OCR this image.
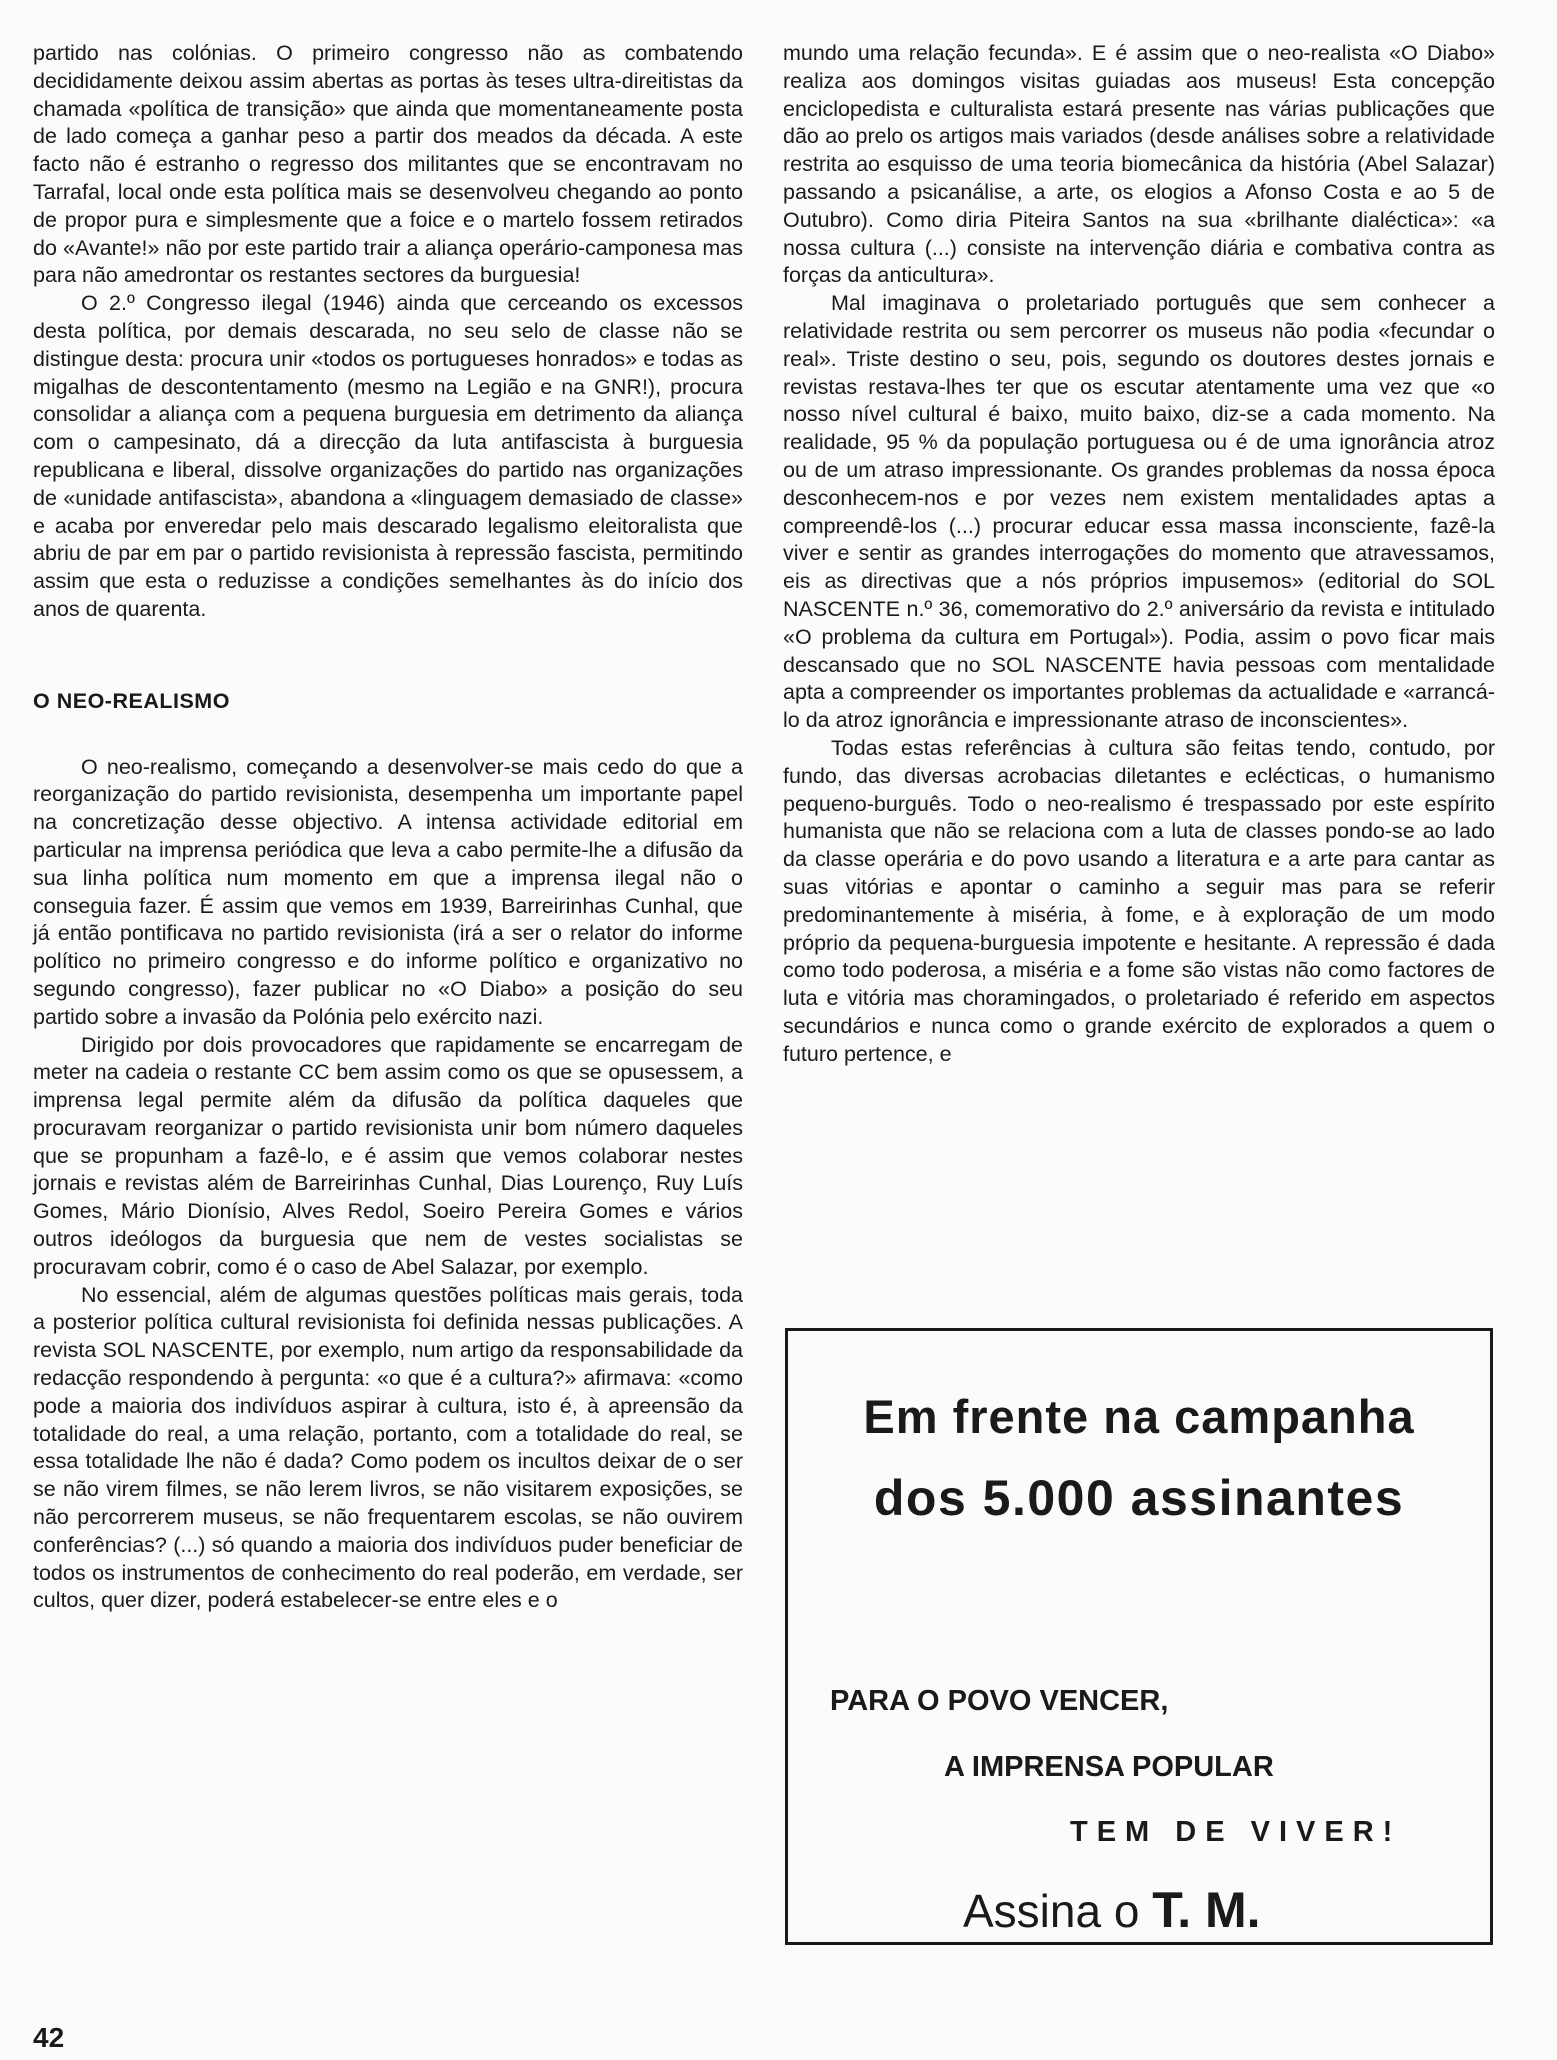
partido nas colónias. O primeiro congresso não as combatendo decididamente deixou assim abertas as portas às teses ultra-direitistas da chamada «política de transição» que ainda que momentaneamente posta de lado começa a ganhar peso a partir dos meados da década. A este facto não é estranho o regresso dos militantes que se encontravam no Tarrafal, local onde esta política mais se desenvolveu chegando ao ponto de propor pura e simplesmente que a foice e o martelo fossem retirados do «Avante!» não por este partido trair a aliança operário-camponesa mas para não amedrontar os restantes sectores da burguesia!

O 2.º Congresso ilegal (1946) ainda que cerceando os excessos desta política, por demais descarada, no seu selo de classe não se distingue desta: procura unir «todos os portugueses honrados» e todas as migalhas de descontentamento (mesmo na Legião e na GNR!), procura consolidar a aliança com a pequena burguesia em detrimento da aliança com o campesinato, dá a direcção da luta antifascista à burguesia republicana e liberal, dissolve organizações do partido nas organizações de «unidade antifascista», abandona a «linguagem demasiado de classe» e acaba por enveredar pelo mais descarado legalismo eleitoralista que abriu de par em par o partido revisionista à repressão fascista, permitindo assim que esta o reduzisse a condições semelhantes às do início dos anos de quarenta.

O NEO-REALISMO

O neo-realismo, começando a desenvolver-se mais cedo do que a reorganização do partido revisionista, desempenha um importante papel na concretização desse objectivo. A intensa actividade editorial em particular na imprensa periódica que leva a cabo permite-lhe a difusão da sua linha política num momento em que a imprensa ilegal não o conseguia fazer. É assim que vemos em 1939, Barreirinhas Cunhal, que já então pontificava no partido revisionista (irá a ser o relator do informe político no primeiro congresso e do informe político e organizativo no segundo congresso), fazer publicar no «O Diabo» a posição do seu partido sobre a invasão da Polónia pelo exército nazi.

Dirigido por dois provocadores que rapidamente se encarregam de meter na cadeia o restante CC bem assim como os que se opusessem, a imprensa legal permite além da difusão da política daqueles que procuravam reorganizar o partido revisionista unir bom número daqueles que se propunham a fazê-lo, e é assim que vemos colaborar nestes jornais e revistas além de Barreirinhas Cunhal, Dias Lourenço, Ruy Luís Gomes, Mário Dionísio, Alves Redol, Soeiro Pereira Gomes e vários outros ideólogos da burguesia que nem de vestes socialistas se procuravam cobrir, como é o caso de Abel Salazar, por exemplo.

No essencial, além de algumas questões políticas mais gerais, toda a posterior política cultural revisionista foi definida nessas publicações. A revista SOL NASCENTE, por exemplo, num artigo da responsabilidade da redacção respondendo à pergunta: «o que é a cultura?» afirmava: «como pode a maioria dos indivíduos aspirar à cultura, isto é, à apreensão da totalidade do real, a uma relação, portanto, com a totalidade do real, se essa totalidade lhe não é dada? Como podem os incultos deixar de o ser se não virem filmes, se não lerem livros, se não visitarem exposições, se não percorrerem museus, se não frequentarem escolas, se não ouvirem conferências? (...) só quando a maioria dos indivíduos puder beneficiar de todos os instrumentos de conhecimento do real poderão, em verdade, ser cultos, quer dizer, poderá estabelecer-se entre eles e o

mundo uma relação fecunda». E é assim que o neo-realista «O Diabo» realiza aos domingos visitas guiadas aos museus! Esta concepção enciclopedista e culturalista estará presente nas várias publicações que dão ao prelo os artigos mais variados (desde análises sobre a relatividade restrita ao esquisso de uma teoria biomecânica da história (Abel Salazar) passando a psicanálise, a arte, os elogios a Afonso Costa e ao 5 de Outubro). Como diria Piteira Santos na sua «brilhante dialéctica»: «a nossa cultura (...) consiste na intervenção diária e combativa contra as forças da anticultura».

Mal imaginava o proletariado português que sem conhecer a relatividade restrita ou sem percorrer os museus não podia «fecundar o real». Triste destino o seu, pois, segundo os doutores destes jornais e revistas restava-lhes ter que os escutar atentamente uma vez que «o nosso nível cultural é baixo, muito baixo, diz-se a cada momento. Na realidade, 95 % da população portuguesa ou é de uma ignorância atroz ou de um atraso impressionante. Os grandes problemas da nossa época desconhecem-nos e por vezes nem existem mentalidades aptas a compreendê-los (...) procurar educar essa massa inconsciente, fazê-la viver e sentir as grandes interrogações do momento que atravessamos, eis as directivas que a nós próprios impusemos» (editorial do SOL NASCENTE n.º 36, comemorativo do 2.º aniversário da revista e intitulado «O problema da cultura em Portugal»). Podia, assim o povo ficar mais descansado que no SOL NASCENTE havia pessoas com mentalidade apta a compreender os importantes problemas da actualidade e «arrancá-lo da atroz ignorância e impressionante atraso de inconscientes».

Todas estas referências à cultura são feitas tendo, contudo, por fundo, das diversas acrobacias diletantes e eclécticas, o humanismo pequeno-burguês. Todo o neo-realismo é trespassado por este espírito humanista que não se relaciona com a luta de classes pondo-se ao lado da classe operária e do povo usando a literatura e a arte para cantar as suas vitórias e apontar o caminho a seguir mas para se referir predominantemente à miséria, à fome, e à exploração de um modo próprio da pequena-burguesia impotente e hesitante. A repressão é dada como todo poderosa, a miséria e a fome são vistas não como factores de luta e vitória mas choramingados, o proletariado é referido em aspectos secundários e nunca como o grande exército de explorados a quem o futuro pertence, e

Em frente na campanha
dos 5.000 assinantes
PARA O POVO VENCER,
A IMPRENSA POPULAR
TEM DE VIVER!
Assina o T. M.
42
